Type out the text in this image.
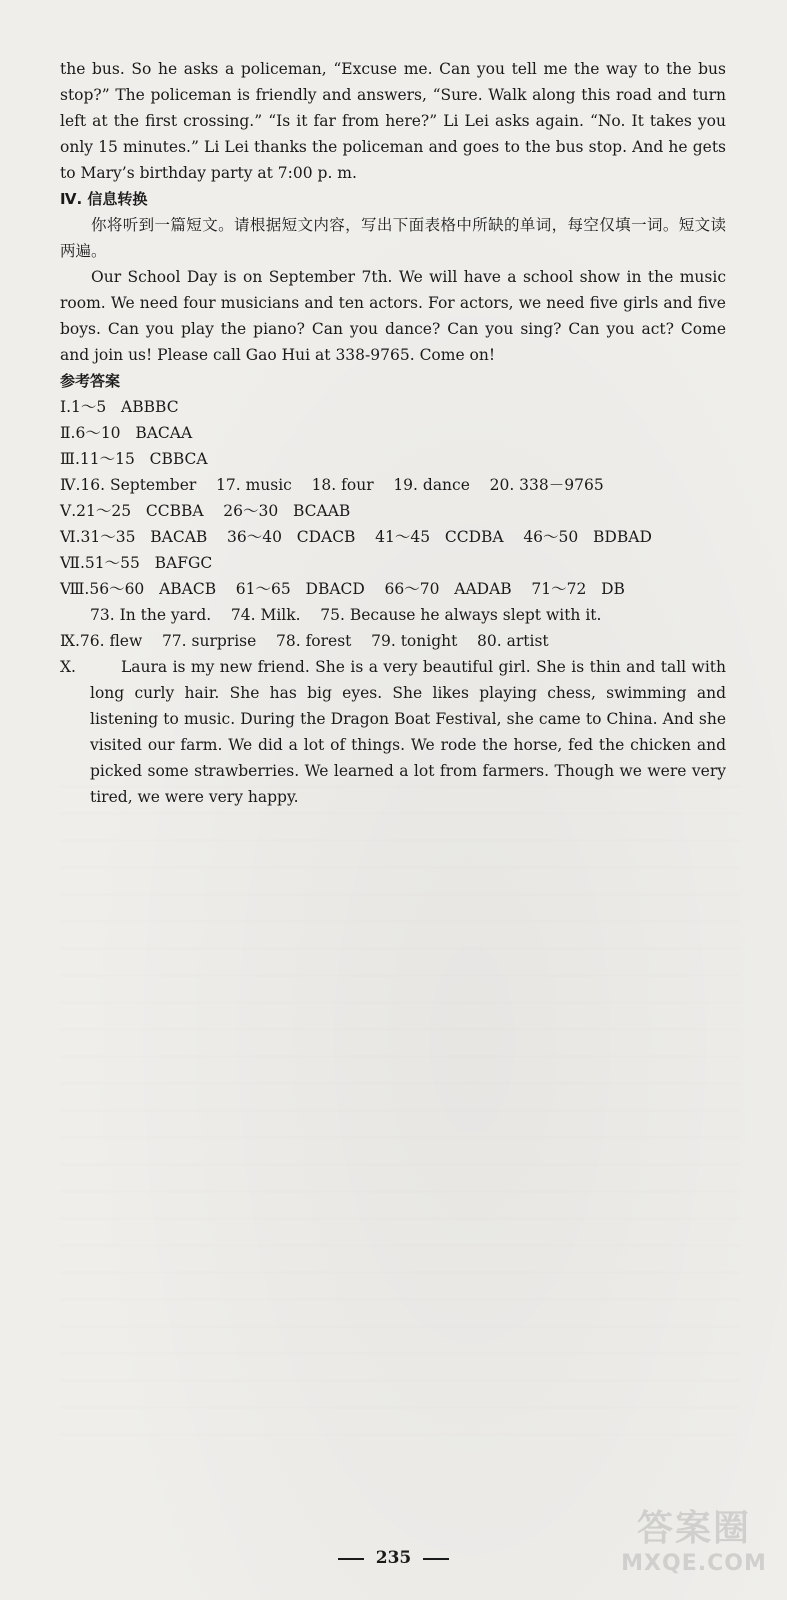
the bus. So he asks a policeman, “Excuse me. Can you tell me the way to the bus stop?” The policeman is friendly and answers, “Sure. Walk along this road and turn left at the first crossing.” “Is it far from here?” Li Lei asks again. “No. It takes you only 15 minutes.” Li Lei thanks the policeman and goes to the bus stop. And he gets to Mary’s birthday party at 7:00 p. m.

Ⅳ. 信息转换

你将听到一篇短文。请根据短文内容，写出下面表格中所缺的单词，每空仅填一词。短文读两遍。

Our School Day is on September 7th. We will have a school show in the music room. We need four musicians and ten actors. For actors, we need five girls and five boys. Can you play the piano? Can you dance? Can you sing? Can you act? Come and join us! Please call Gao Hui at 338-9765. Come on!

参考答案

Ⅰ.1～5   ABBBC

Ⅱ.6～10   BACAA

Ⅲ.11～15   CBBCA

Ⅳ.16. September    17. music    18. four    19. dance    20. 338－9765

Ⅴ.21～25   CCBBA    26～30   BCAAB

Ⅵ.31～35   BACAB    36～40   CDACB    41～45   CCDBA    46～50   BDBAD

Ⅶ.51～55   BAFGC

Ⅷ.56～60   ABACB    61～65   DBACD    66～70   AADAB    71～72   DB

73. In the yard.    74. Milk.    75. Because he always slept with it.

Ⅸ.76. flew    77. surprise    78. forest    79. tonight    80. artist

Ⅹ.	Laura is my new friend. She is a very beautiful girl. She is thin and tall with long curly hair. She has big eyes. She likes playing chess, swimming and listening to music. During the Dragon Boat Festival, she came to China. And she visited our farm. We did a lot of things. We rode the horse, fed the chicken and picked some strawberries. We learned a lot from farmers. Though we were very tired, we were very happy.
235
答案圈
MXQE.COM
